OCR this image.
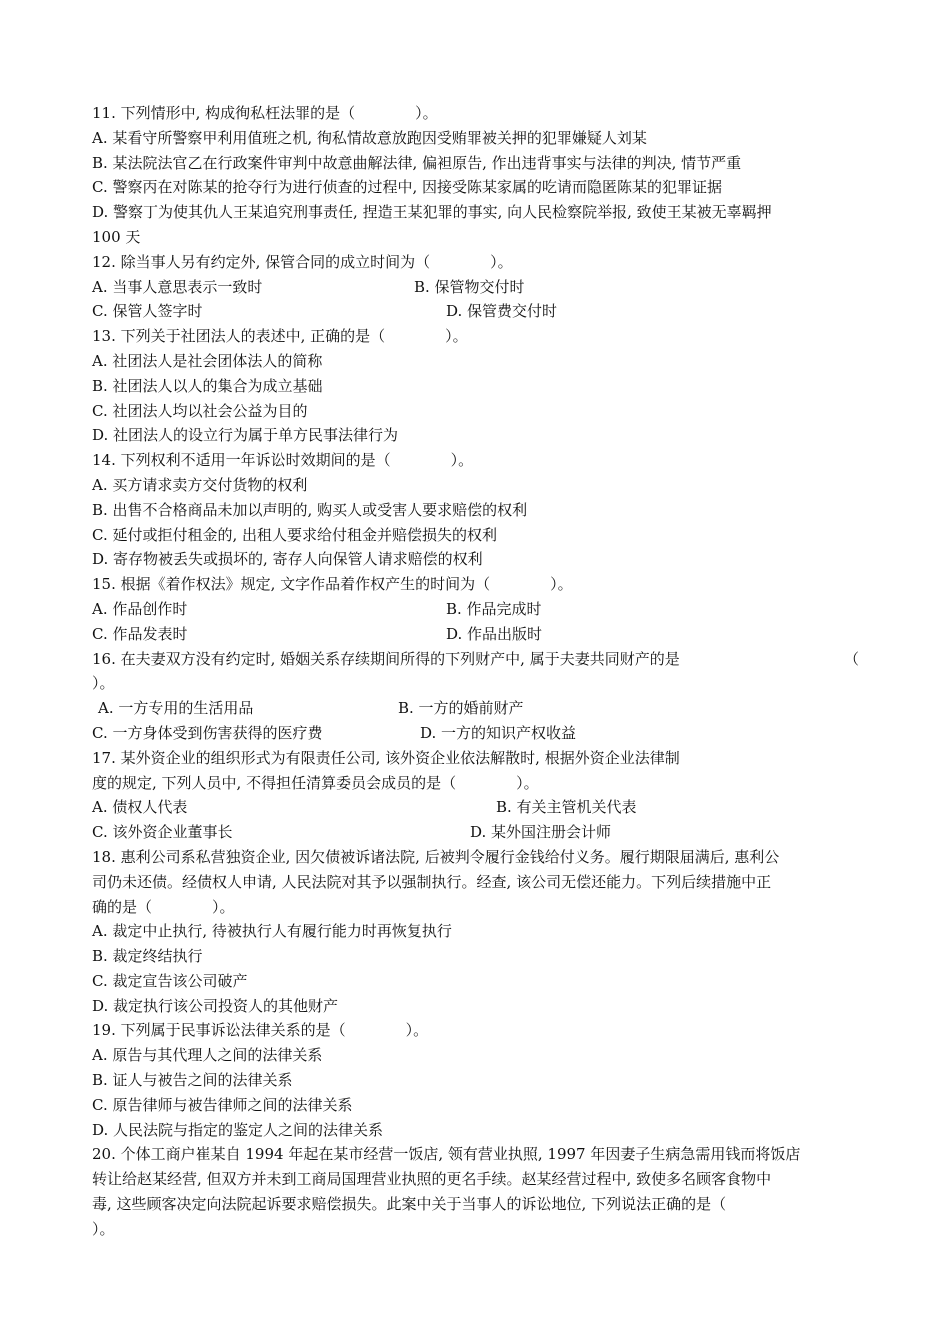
11. 下列情形中, 构成徇私枉法罪的是（　　　　）。
A. 某看守所警察甲利用值班之机, 徇私情故意放跑因受贿罪被关押的犯罪嫌疑人刘某
B. 某法院法官乙在行政案件审判中故意曲解法律, 偏袒原告, 作出违背事实与法律的判决, 情节严重
C. 警察丙在对陈某的抢夺行为进行侦查的过程中, 因接受陈某家属的吃请而隐匿陈某的犯罪证据
D. 警察丁为使其仇人王某追究刑事责任, 捏造王某犯罪的事实, 向人民检察院举报, 致使王某被无辜羁押
100 天
12. 除当事人另有约定外, 保管合同的成立时间为（　　　　）。
A. 当事人意思表示一致时	B. 保管物交付时
C. 保管人签字时	D. 保管费交付时
13. 下列关于社团法人的表述中, 正确的是（　　　　）。
A. 社团法人是社会团体法人的简称
B. 社团法人以人的集合为成立基础
C. 社团法人均以社会公益为目的
D. 社团法人的设立行为属于单方民事法律行为
14. 下列权利不适用一年诉讼时效期间的是（　　　　）。
A. 买方请求卖方交付货物的权利
B. 出售不合格商品未加以声明的, 购买人或受害人要求赔偿的权利
C. 延付或拒付租金的, 出租人要求给付租金并赔偿损失的权利
D. 寄存物被丢失或损坏的, 寄存人向保管人请求赔偿的权利
15. 根据《着作权法》规定, 文字作品着作权产生的时间为（　　　　）。
A. 作品创作时	B. 作品完成时
C. 作品发表时	D. 作品出版时
16. 在夫妻双方没有约定时, 婚姻关系存续期间所得的下列财产中, 属于夫妻共同财产的是	（
）。
A. 一方专用的生活用品	B. 一方的婚前财产
C. 一方身体受到伤害获得的医疗费	D. 一方的知识产权收益
17. 某外资企业的组织形式为有限责任公司, 该外资企业依法解散时, 根据外资企业法律制
度的规定, 下列人员中, 不得担任清算委员会成员的是（　　　　）。
A. 债权人代表	B. 有关主管机关代表
C. 该外资企业董事长	D. 某外国注册会计师
18. 惠利公司系私营独资企业, 因欠债被诉诸法院, 后被判令履行金钱给付义务。履行期限届满后, 惠利公
司仍未还债。经债权人申请, 人民法院对其予以强制执行。经查, 该公司无偿还能力。下列后续措施中正
确的是（　　　　）。
A. 裁定中止执行, 待被执行人有履行能力时再恢复执行
B. 裁定终结执行
C. 裁定宣告该公司破产
D. 裁定执行该公司投资人的其他财产
19. 下列属于民事诉讼法律关系的是（　　　　）。
A. 原告与其代理人之间的法律关系
B. 证人与被告之间的法律关系
C. 原告律师与被告律师之间的法律关系
D. 人民法院与指定的鉴定人之间的法律关系
20. 个体工商户崔某自 1994 年起在某市经营一饭店, 领有营业执照, 1997 年因妻子生病急需用钱而将饭店
转让给赵某经营, 但双方并未到工商局国理营业执照的更名手续。赵某经营过程中, 致使多名顾客食物中
毒, 这些顾客决定向法院起诉要求赔偿损失。此案中关于当事人的诉讼地位, 下列说法正确的是（
）。
